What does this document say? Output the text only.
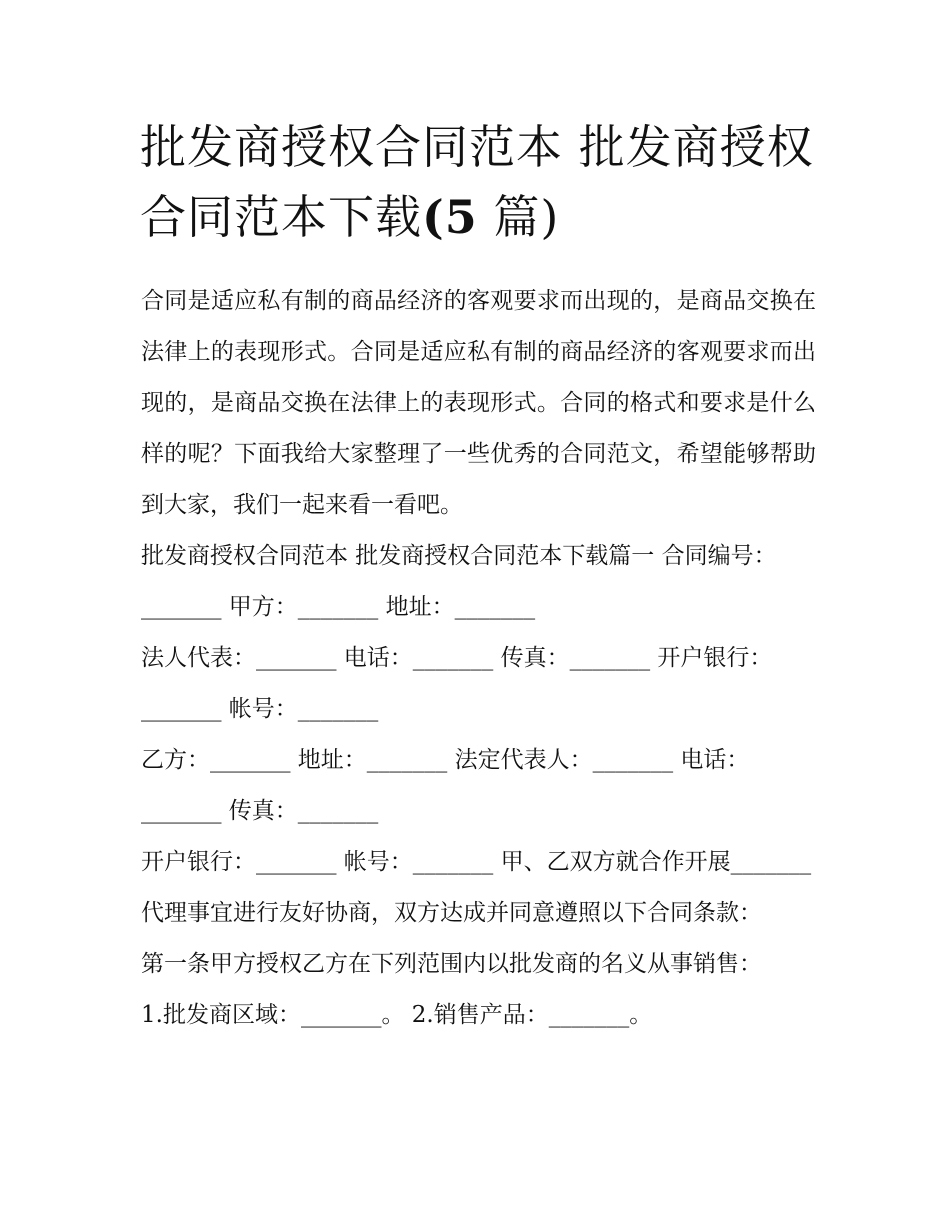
批发商授权合同范本 批发商授权合同范本下载(5 篇)

合同是适应私有制的商品经济的客观要求而出现的，是商品交换在法律上的表现形式。合同是适应私有制的商品经济的客观要求而出现的，是商品交换在法律上的表现形式。合同的格式和要求是什么样的呢？下面我给大家整理了一些优秀的合同范文，希望能够帮助到大家，我们一起来看一看吧。

批发商授权合同范本 批发商授权合同范本下载篇一 合同编号：_______ 甲方：_______ 地址：_______

法人代表：_______ 电话：_______ 传真：_______ 开户银行：_______ 帐号：_______

乙方：_______ 地址：_______ 法定代表人：_______ 电话：_______ 传真：_______

开户银行：_______ 帐号：_______ 甲、乙双方就合作开展_______代理事宜进行友好协商，双方达成并同意遵照以下合同条款：

第一条甲方授权乙方在下列范围内以批发商的名义从事销售：

1.批发商区域：_______。 2.销售产品：_______。
